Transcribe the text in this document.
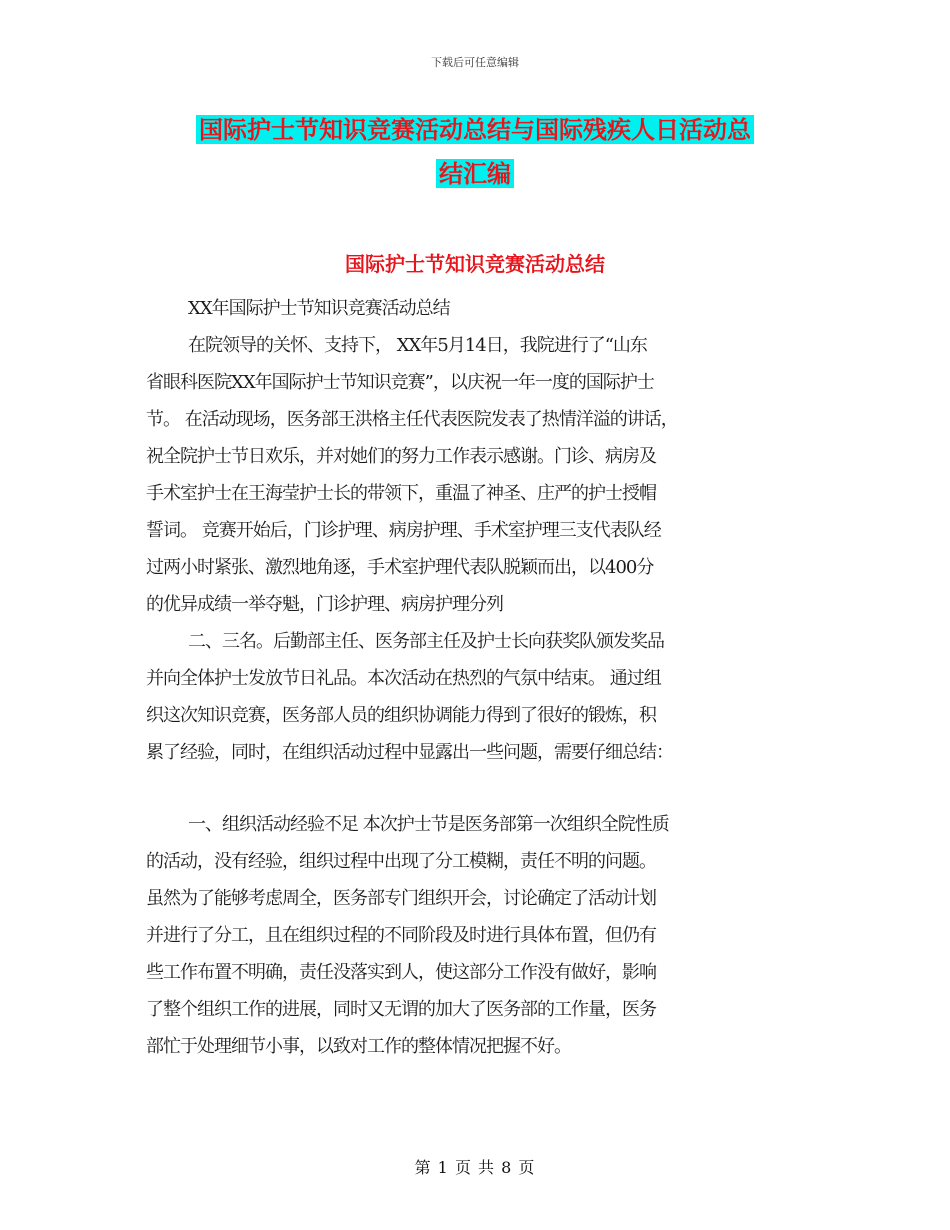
下载后可任意编辑
国际护士节知识竞赛活动总结与国际残疾人日活动总
结汇编
国际护士节知识竞赛活动总结
XX年国际护士节知识竞赛活动总结
在院领导的关怀、支持下， XX年5月14日，我院进行了“山东
省眼科医院XX年国际护士节知识竞赛”，以庆祝一年一度的国际护士
节。 在活动现场，医务部王洪格主任代表医院发表了热情洋溢的讲话，
祝全院护士节日欢乐，并对她们的努力工作表示感谢。门诊、病房及
手术室护士在王海莹护士长的带领下，重温了神圣、庄严的护士授帽
誓词。 竞赛开始后，门诊护理、病房护理、手术室护理三支代表队经
过两小时紧张、激烈地角逐，手术室护理代表队脱颖而出，以400分
的优异成绩一举夺魁，门诊护理、病房护理分列
二、三名。后勤部主任、医务部主任及护士长向获奖队颁发奖品
并向全体护士发放节日礼品。本次活动在热烈的气氛中结束。 通过组
织这次知识竞赛，医务部人员的组织协调能力得到了很好的锻炼，积
累了经验，同时，在组织活动过程中显露出一些问题，需要仔细总结：
一、组织活动经验不足 本次护士节是医务部第一次组织全院性质
的活动，没有经验，组织过程中出现了分工模糊，责任不明的问题。
虽然为了能够考虑周全，医务部专门组织开会，讨论确定了活动计划
并进行了分工，且在组织过程的不同阶段及时进行具体布置，但仍有
些工作布置不明确，责任没落实到人，使这部分工作没有做好，影响
了整个组织工作的进展，同时又无谓的加大了医务部的工作量，医务
部忙于处理细节小事，以致对工作的整体情况把握不好。
第 1 页 共 8 页
